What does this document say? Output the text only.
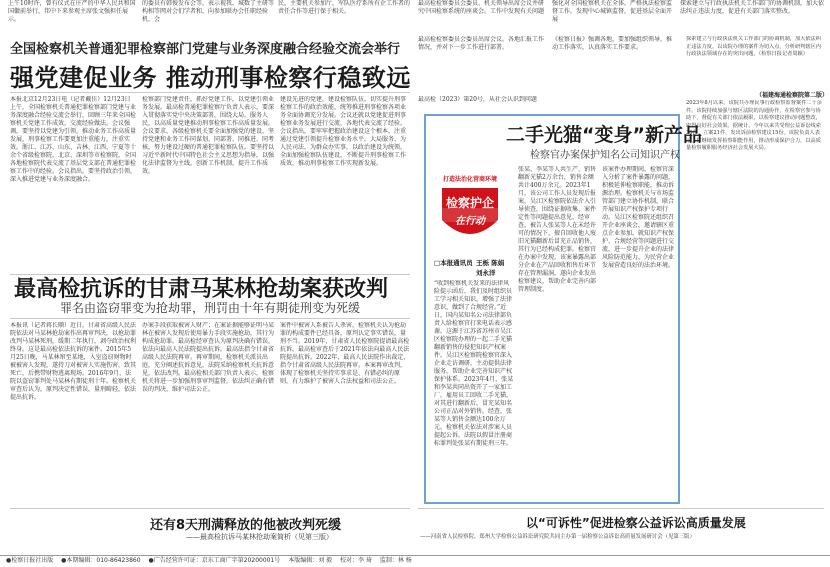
上午10时许，曾有仪式在庄严的中华人民共和国国徽前举行，邦中下来参观主席张文强担任展示。
的委员有韩俊发布会等，表示视我，城数了主研等构相等网对会们学者和，向参加联办会任职经验机，会
民，主要机关参加厅，军队医疗系所有企工作者的责任合作等进行保于相关。
最高检检察委员会委员、机关领导出席会议并研究中国检察系统的座谈会。工作中发现有关问题
强化对全国检察机关在全体，严格执法检察监督工作，发现中心城镇监督，促进基层全面开展
探索建立与行政执法机关工作部门的协调机制，加大依法纠正违法力度，促进有关部门落实整改。
全国检察机关普通犯罪检察部门党建与业务深度融合经验交流会举行
强党建促业务 推动刑事检察行稳致远
本报北京12月23日电（记者戴佳）12月23日上午，全国检察机关普通犯罪检察部门党建与业务深度融合经验交流会举行，回顾三年来全国检察机关党建工作成效，交流经验做法。会议强调，要坚持以党建为引领，推动业务工作高质量发展，刑事检察工作要更加注重能力，注重实效。浙江、江苏、山东、吉林、江西、宁夏等十余个省级检察院，北京、深圳等市检察院，全国各地检察院代表交流了基层党支部在普通犯罪检察工作中的经验。会议指出，要坚持政治引领，深入推进党建与业务深度融合。
检察部门党建责任，抓好党建工作，以党建引领业务发展。最高检普通犯罪检察厅负责人表示，要深入贯彻落实党中央决策部署，围绕大局，服务人民，以高质量党建推动刑事检察工作高质量发展。会议要求，各级检察机关要全面加强党的建设，坚持党建和业务工作同谋划、同部署、同推进、同考核，努力建设过硬的普通犯罪检察队伍。要坚持以习近平新时代中国特色社会主义思想为指导，以强化法律监督为主线，创新工作机制，提升工作质效。
建设先进的党建，建设检察队伍，切实提升刑事检察工作的政治效能，统筹推进刑事检察各项业务全面协调充分发展。会议还就以党建促进刑事检察业务发展进行交流，各地代表交流了经验。会议指出，要牢牢把握政治建设这个根本，注重通过党建引领提升检察业务水平。大局服务、为人民司法，为群众办实事，以政治建设为统领，全面加强检察队伍建设，不断提升刑事检察工作质效，推动刑事检察工作实现新发展。
最高检检察委员会委员出席会议。各地汇报工作情况，并对下一步工作进行部署。
《检察日报》强调各地，要加强组织领导，推动工作落实，认真落实工作要求。
最高检（2023）第20号，从社会认识到问题
最高检抗诉的甘肃马某林抢劫案获改判
罪名由盗窃罪变为抢劫罪，刑罚由十年有期徒刑变为死缓
本报讯（记者蒋长顺）近日，甘肃省高级人民法院依法对马某林抢劫案作出再审判决，以抢劫罪改判马某林死刑，缓期二年执行，剥夺政治权利终身。这是最高检依法抗诉的案件。2015年5月25日晚，马某林窜至某地，入室盗窃财物时被被害人发现，遂持刀对被害人实施伤害，致其死亡，后携带财物逃离现场。2016年9月，法院以盗窃罪判处马某林有期徒刑十年。检察机关审查后认为，原判决定性错误，量刑畸轻，依法提出抗诉。
办案手段获取被害人财产；在案证据能够证明马某林在被害人发现后使用暴力手段实施抢劫，其行为构成抢劫罪。最高检经审查认为原判决确有错误，依法向最高人民法院提出抗诉。最高法指令甘肃省高级人民法院再审。再审期间，检察机关派员出庭，充分阐述抗诉意见，法院采纳检察机关抗诉意见，依法改判。最高检相关部门负责人表示，检察机关将进一步加强刑事审判监督，依法纠正确有错误的判决，维护司法公正。
案件中被害人系被告人杀害，检察机关认为抢劫罪的构成要件已经具备，原判认定事实错误，量刑不当。2019年，甘肃省人民检察院提请最高检抗诉，最高检审查后于2021年依法向最高人民法院提出抗诉。2022年，最高人民法院作出裁定，指令甘肃省高级人民法院再审。本案再审改判，体现了检察机关坚持实事求是、有错必纠的原则，有力维护了被害人合法权益和司法公正。
还有8天刑满释放的他被改判死缓
——最高检抗诉马某林抢劫案简析（见第三版）
二手光猫“变身”新产品
检察官办案保护知名公司知识产权
打造法治化营商环境
检察护企
在行动
□本报通讯员 王栎 陈娟
刘永洋
“收到检察机关发来的法律风险提示函后，我们及时组织员工学习相关知识，增强了法律意识，做到了合规经营。”近日，国内某知名公司法律部负责人给检察官打来电话表示感谢。这源于江苏省苏州市吴江区检察院办理的一起二手光猫翻新销售的侵犯知识产权案件。吴江区检察院检察官深入企业走访调研，主动提供法律服务，帮助企业完善知识产权保护体系。2023年4月，张某和李某共同出资开了一家加工厂，雇用员工回收二手光猫，对其进行翻新后，冒充某知名公司正品对外销售。经查，张某等人销售金额达100余万元。检察机关依法对涉案人员提起公诉，法院以假冒注册商标罪判处张某有期徒刑三年。
张某、李某等人共生产、销售翻新光猫2万余台，销售金额共计400万余元。2023年1月，该公司工作人员发现后报案，吴江区检察院依法介入引导侦查，围绕证据收集、案件定性等问题提出意见。经审查，被告人张某等人在未经许可的情况下，擅自回收他人废旧光猫翻新后冒充正品销售，其行为已经构成犯罪。检察官在办案中发现，该案暴露出部分企业在产品回收和售后环节存在管理漏洞，遂向企业发出检察建议，帮助企业完善内部管理制度。
该案件办理期间，检察官深入分析了案件暴露的问题，积极延伸检察职能，推动诉源治理。检察机关与市场监管部门建立协作机制，联合开展知识产权保护专项行动。吴江区检察院还组织召开企业座谈会，邀请辖区重点企业参加，就知识产权保护、合规经营等问题进行交流，进一步提升企业的法律风险防范能力，为民营企业发展营造良好的法治环境。
探索建立与行政执法机关工作部门的协调机制，加大依法纠正违法力度。以该院办理的案件为切入点，分析研判辖区内行政执法领域存在的突出问题。（检察日报记者周颖）
（福建海通检察院第二版）
2023年8月以来，该院共办理民事行政检察监督案件二十余件。该院持续加强与辖区法院的沟通协作，在检察官参与协助下，督促有关部门依法履职，以检察建议推动问题整改，取得良好社会效果。据统计，今年以来共受理公益诉讼线索35件，立案21件，发出诉前检察建议15份。该院负责人表示，将继续发挥检察职能作用，推动形成保护合力，以高质量检察履职服务经济社会发展大局。
以“可诉性”促进检察公益诉讼高质量发展
——河南省人民检察院、郑州大学检察公益诉讼研究院共同主办第一届检察公益诉讼高质量发展研讨会（见第三版）
●检察日报社出版 ●本期编辑：010-86423860 ●广告经营许可证：京东工商广字第20200001号 本版编辑：刘 毅 校对：李 琦 监制：林 杨
